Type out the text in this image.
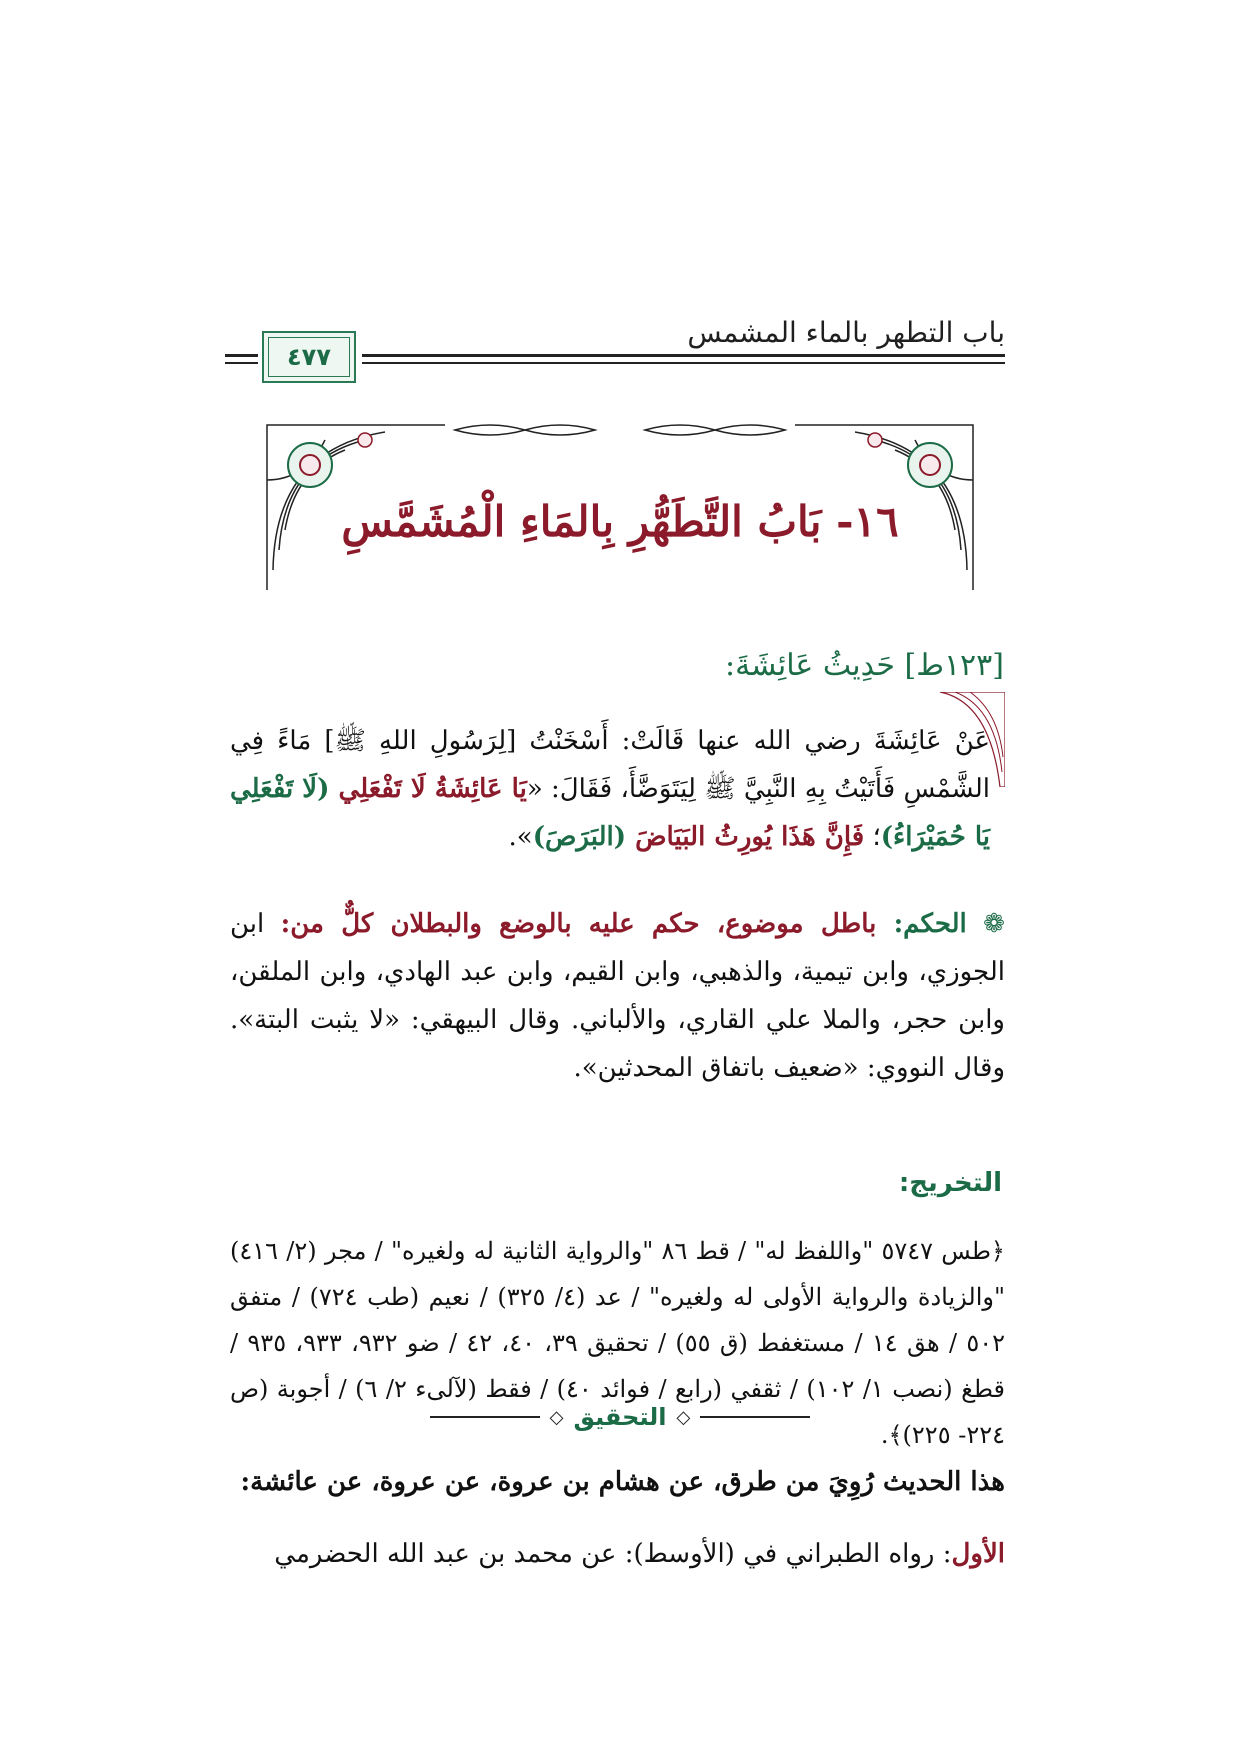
باب التطهر بالماء المشمس
٤٧٧
١٦- بَابُ التَّطَهُّرِ بِالمَاءِ الْمُشَمَّسِ
[١٢٣ط] حَدِيثُ عَائِشَةَ:
عَنْ عَائِشَةَ رضي الله عنها قَالَتْ: أَسْخَنْتُ [لِرَسُولِ اللهِ ﷺ] مَاءً فِي الشَّمْسِ فَأَتَيْتُ بِهِ النَّبِيَّ ﷺ لِيَتَوَضَّأَ، فَقَالَ: «يَا عَائِشَةُ لَا تَفْعَلِي (لَا تَفْعَلِي يَا حُمَيْرَاءُ)؛ فَإِنَّ هَذَا يُورِثُ البَيَاضَ (البَرَصَ)».
❁ الحكم: باطل موضوع، حكم عليه بالوضع والبطلان كلٌّ من: ابن الجوزي، وابن تيمية، والذهبي، وابن القيم، وابن عبد الهادي، وابن الملقن، وابن حجر، والملا علي القاري، والألباني. وقال البيهقي: «لا يثبت البتة». وقال النووي: «ضعيف باتفاق المحدثين».
التخريج:
﴿طس ٥٧٤٧ "واللفظ له" / قط ٨٦ "والرواية الثانية له ولغيره" / مجر (٢/ ٤١٦) "والزيادة والرواية الأولى له ولغيره" / عد (٤/ ٣٢٥) / نعيم (طب ٧٢٤) / متفق ٥٠٢ / هق ١٤ / مستغفط (ق ٥٥) / تحقيق ٣٩، ٤٠، ٤٢ / ضو ٩٣٢، ٩٣٣، ٩٣٥ / قطغ (نصب ١/ ١٠٢) / ثقفي (رابع / فوائد ٤٠) / فقط (لآلىء ٢/ ٦) / أجوبة (ص ٢٢٤- ٢٢٥)﴾.
◇ التحقيق ◇
هذا الحديث رُوِيَ من طرق، عن هشام بن عروة، عن عروة، عن عائشة:
الأول: رواه الطبراني في (الأوسط): عن محمد بن عبد الله الحضرمي
